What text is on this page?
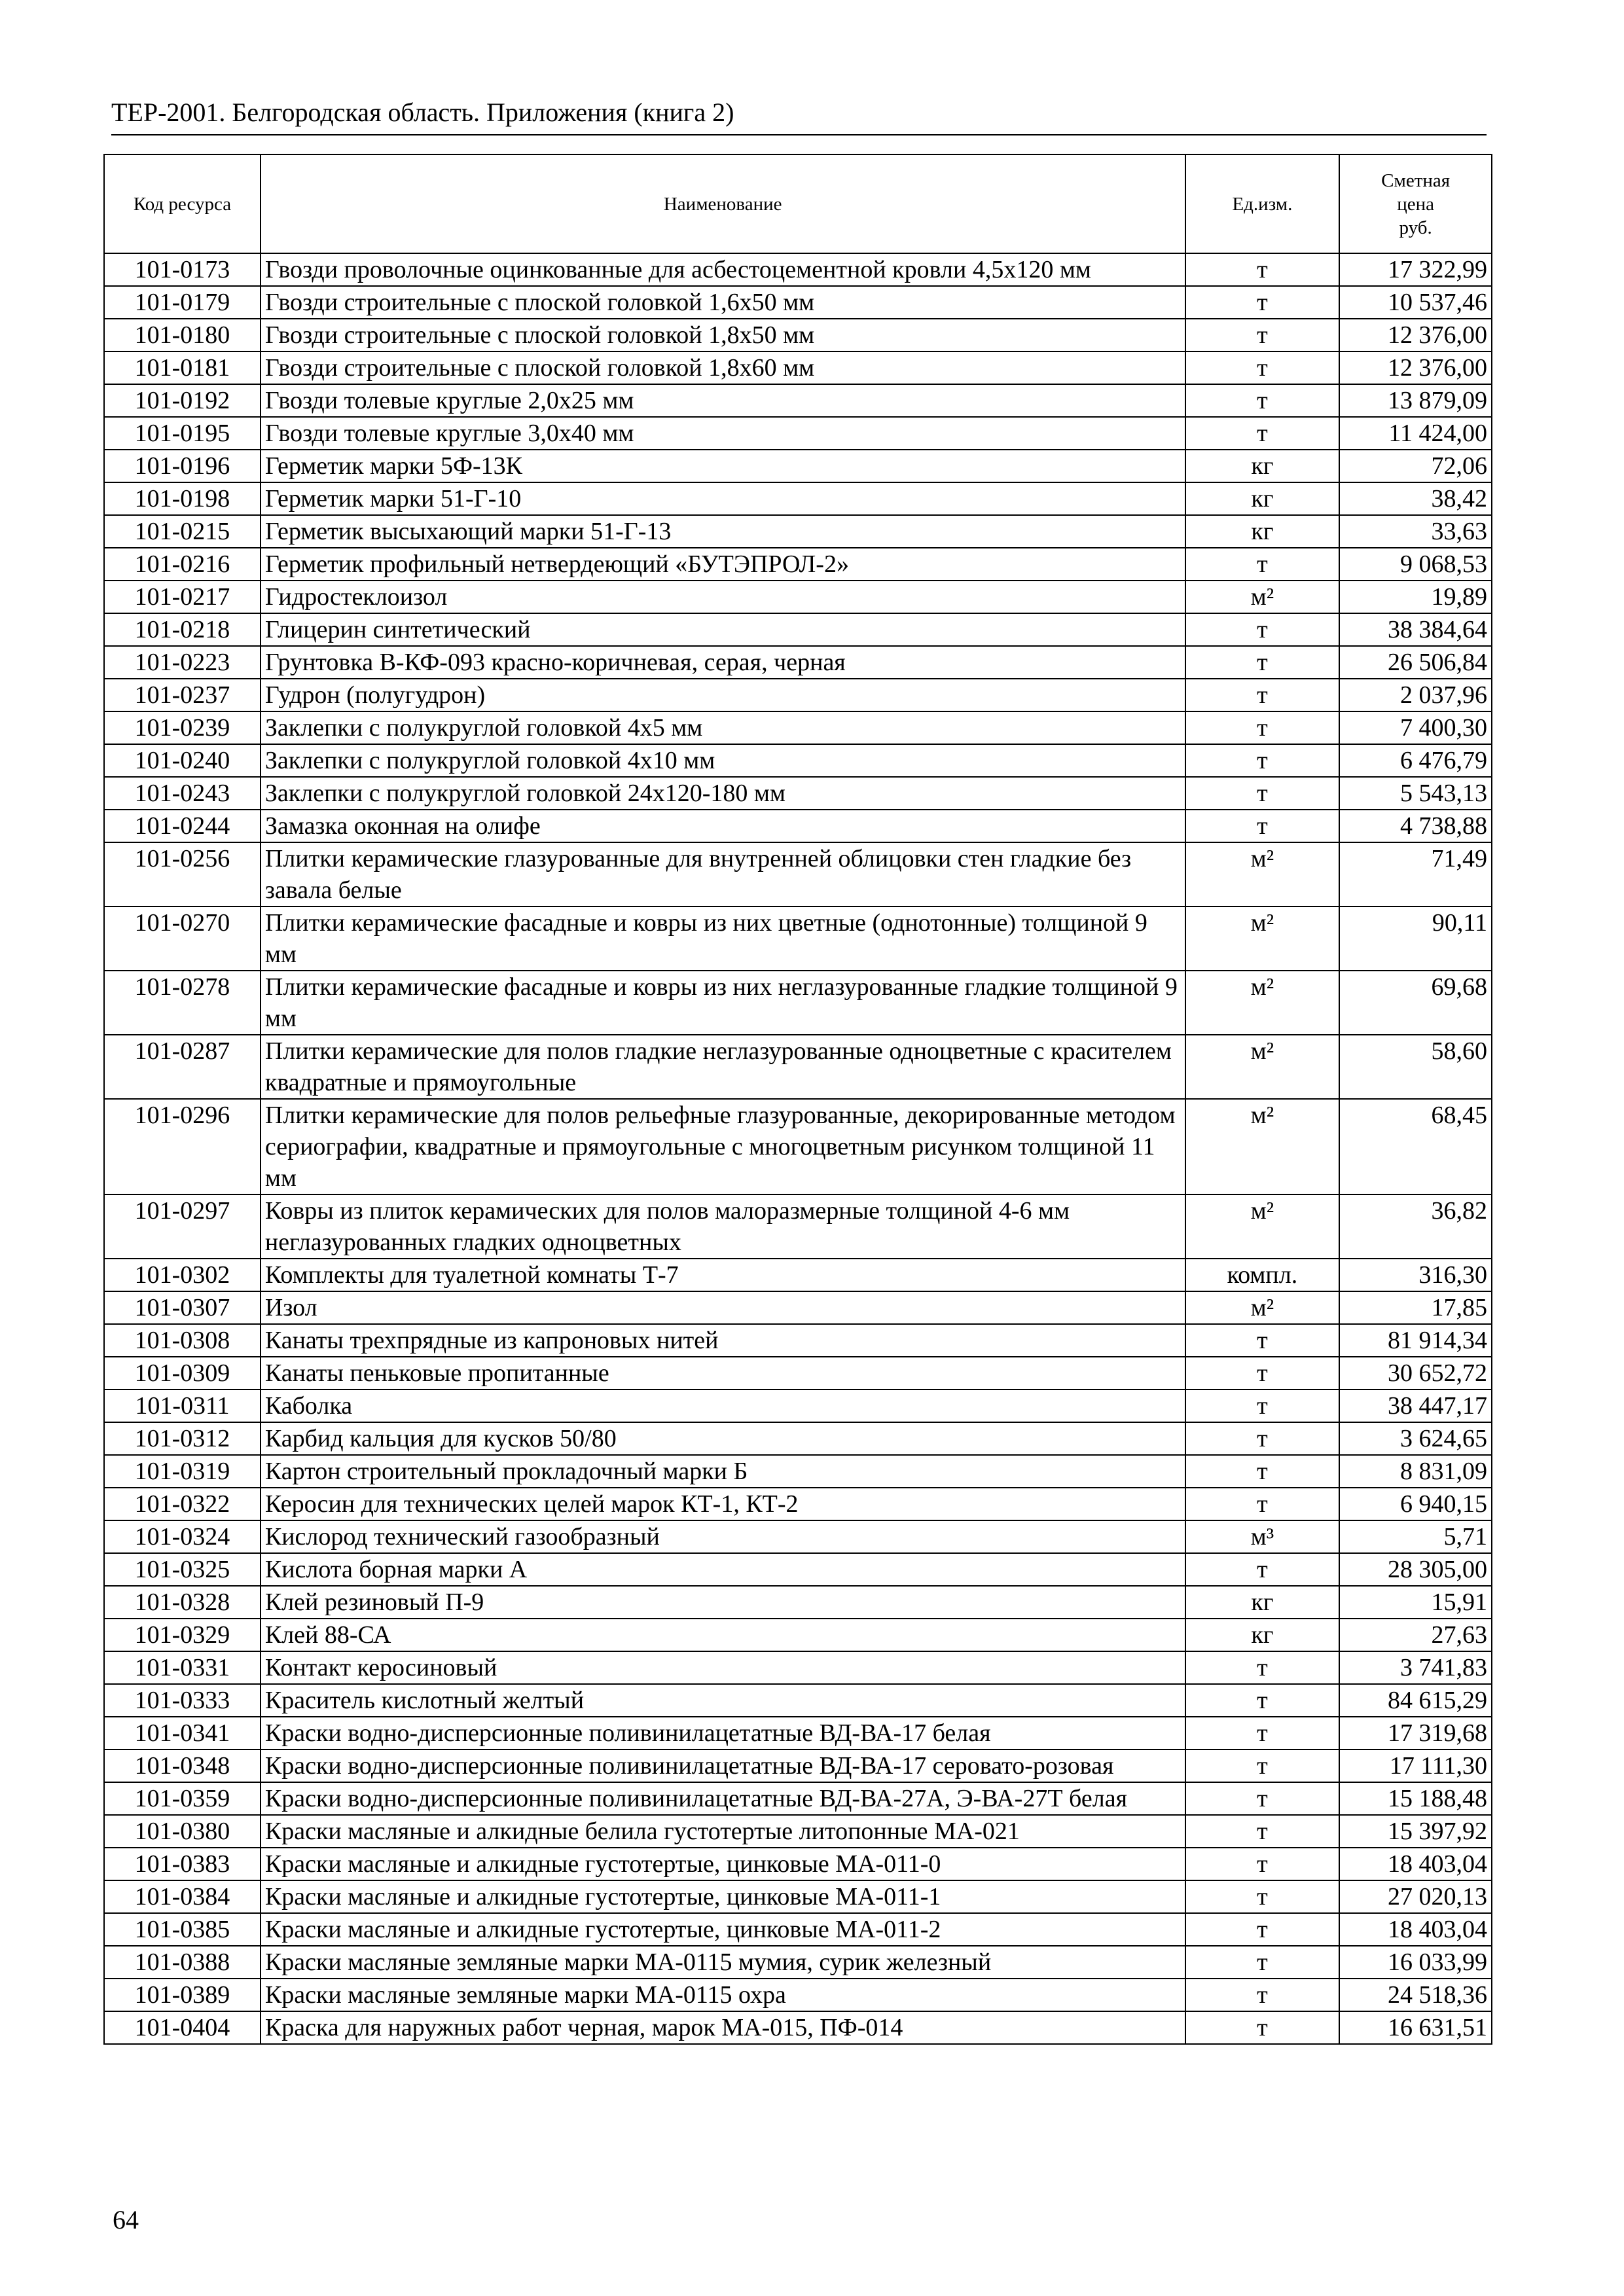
ТЕР-2001. Белгородская область. Приложения (книга 2)
Код ресурса	Наименование	Ед.изм.	Сметная
цена
руб.

101-0173	Гвозди проволочные оцинкованные для асбестоцементной кровли 4,5х120 мм	т	17 322,99
101-0179	Гвозди строительные с плоской головкой 1,6х50 мм	т	10 537,46
101-0180	Гвозди строительные с плоской головкой 1,8х50 мм	т	12 376,00
101-0181	Гвозди строительные с плоской головкой 1,8х60 мм	т	12 376,00
101-0192	Гвозди толевые круглые 2,0х25 мм	т	13 879,09
101-0195	Гвозди толевые круглые 3,0х40 мм	т	11 424,00
101-0196	Герметик марки 5Ф-13К	кг	72,06
101-0198	Герметик марки 51-Г-10	кг	38,42
101-0215	Герметик высыхающий марки 51-Г-13	кг	33,63
101-0216	Герметик профильный нетвердеющий «БУТЭПРОЛ-2»	т	9 068,53
101-0217	Гидростеклоизол	м²	19,89
101-0218	Глицерин синтетический	т	38 384,64
101-0223	Грунтовка В-КФ-093 красно-коричневая, серая, черная	т	26 506,84
101-0237	Гудрон (полугудрон)	т	2 037,96
101-0239	Заклепки с полукруглой головкой 4х5 мм	т	7 400,30
101-0240	Заклепки с полукруглой головкой 4х10 мм	т	6 476,79
101-0243	Заклепки с полукруглой головкой 24х120-180 мм	т	5 543,13
101-0244	Замазка оконная на олифе	т	4 738,88
101-0256	Плитки керамические глазурованные для внутренней облицовки стен гладкие без завала белые	м²	71,49
101-0270	Плитки керамические фасадные и ковры из них цветные (однотонные) толщиной 9 мм	м²	90,11
101-0278	Плитки керамические фасадные и ковры из них неглазурованные гладкие толщиной 9 мм	м²	69,68
101-0287	Плитки керамические для полов гладкие неглазурованные одноцветные с красителем квадратные и прямоугольные	м²	58,60
101-0296	Плитки керамические для полов рельефные глазурованные, декорированные методом сериографии, квадратные и прямоугольные с многоцветным рисунком толщиной 11 мм	м²	68,45
101-0297	Ковры из плиток керамических для полов малоразмерные толщиной 4-6 мм неглазурованных гладких одноцветных	м²	36,82
101-0302	Комплекты для туалетной комнаты Т-7	компл.	316,30
101-0307	Изол	м²	17,85
101-0308	Канаты трехпрядные из капроновых нитей	т	81 914,34
101-0309	Канаты пеньковые пропитанные	т	30 652,72
101-0311	Каболка	т	38 447,17
101-0312	Карбид кальция для кусков 50/80	т	3 624,65
101-0319	Картон строительный прокладочный марки Б	т	8 831,09
101-0322	Керосин для технических целей марок КТ-1, КТ-2	т	6 940,15
101-0324	Кислород технический газообразный	м³	5,71
101-0325	Кислота борная марки А	т	28 305,00
101-0328	Клей резиновый П-9	кг	15,91
101-0329	Клей 88-СА	кг	27,63
101-0331	Контакт керосиновый	т	3 741,83
101-0333	Краситель кислотный желтый	т	84 615,29
101-0341	Краски водно-дисперсионные поливинилацетатные ВД-ВА-17 белая	т	17 319,68
101-0348	Краски водно-дисперсионные поливинилацетатные ВД-ВА-17 серовато-розовая	т	17 111,30
101-0359	Краски водно-дисперсионные поливинилацетатные ВД-ВА-27А, Э-ВА-27Т белая	т	15 188,48
101-0380	Краски масляные и алкидные белила густотертые литопонные МА-021	т	15 397,92
101-0383	Краски масляные и алкидные густотертые, цинковые МА-011-0	т	18 403,04
101-0384	Краски масляные и алкидные густотертые, цинковые МА-011-1	т	27 020,13
101-0385	Краски масляные и алкидные густотертые, цинковые МА-011-2	т	18 403,04
101-0388	Краски масляные земляные марки МА-0115 мумия, сурик железный	т	16 033,99
101-0389	Краски масляные земляные марки МА-0115 охра	т	24 518,36
101-0404	Краска для наружных работ черная, марок МА-015, ПФ-014	т	16 631,51
64
